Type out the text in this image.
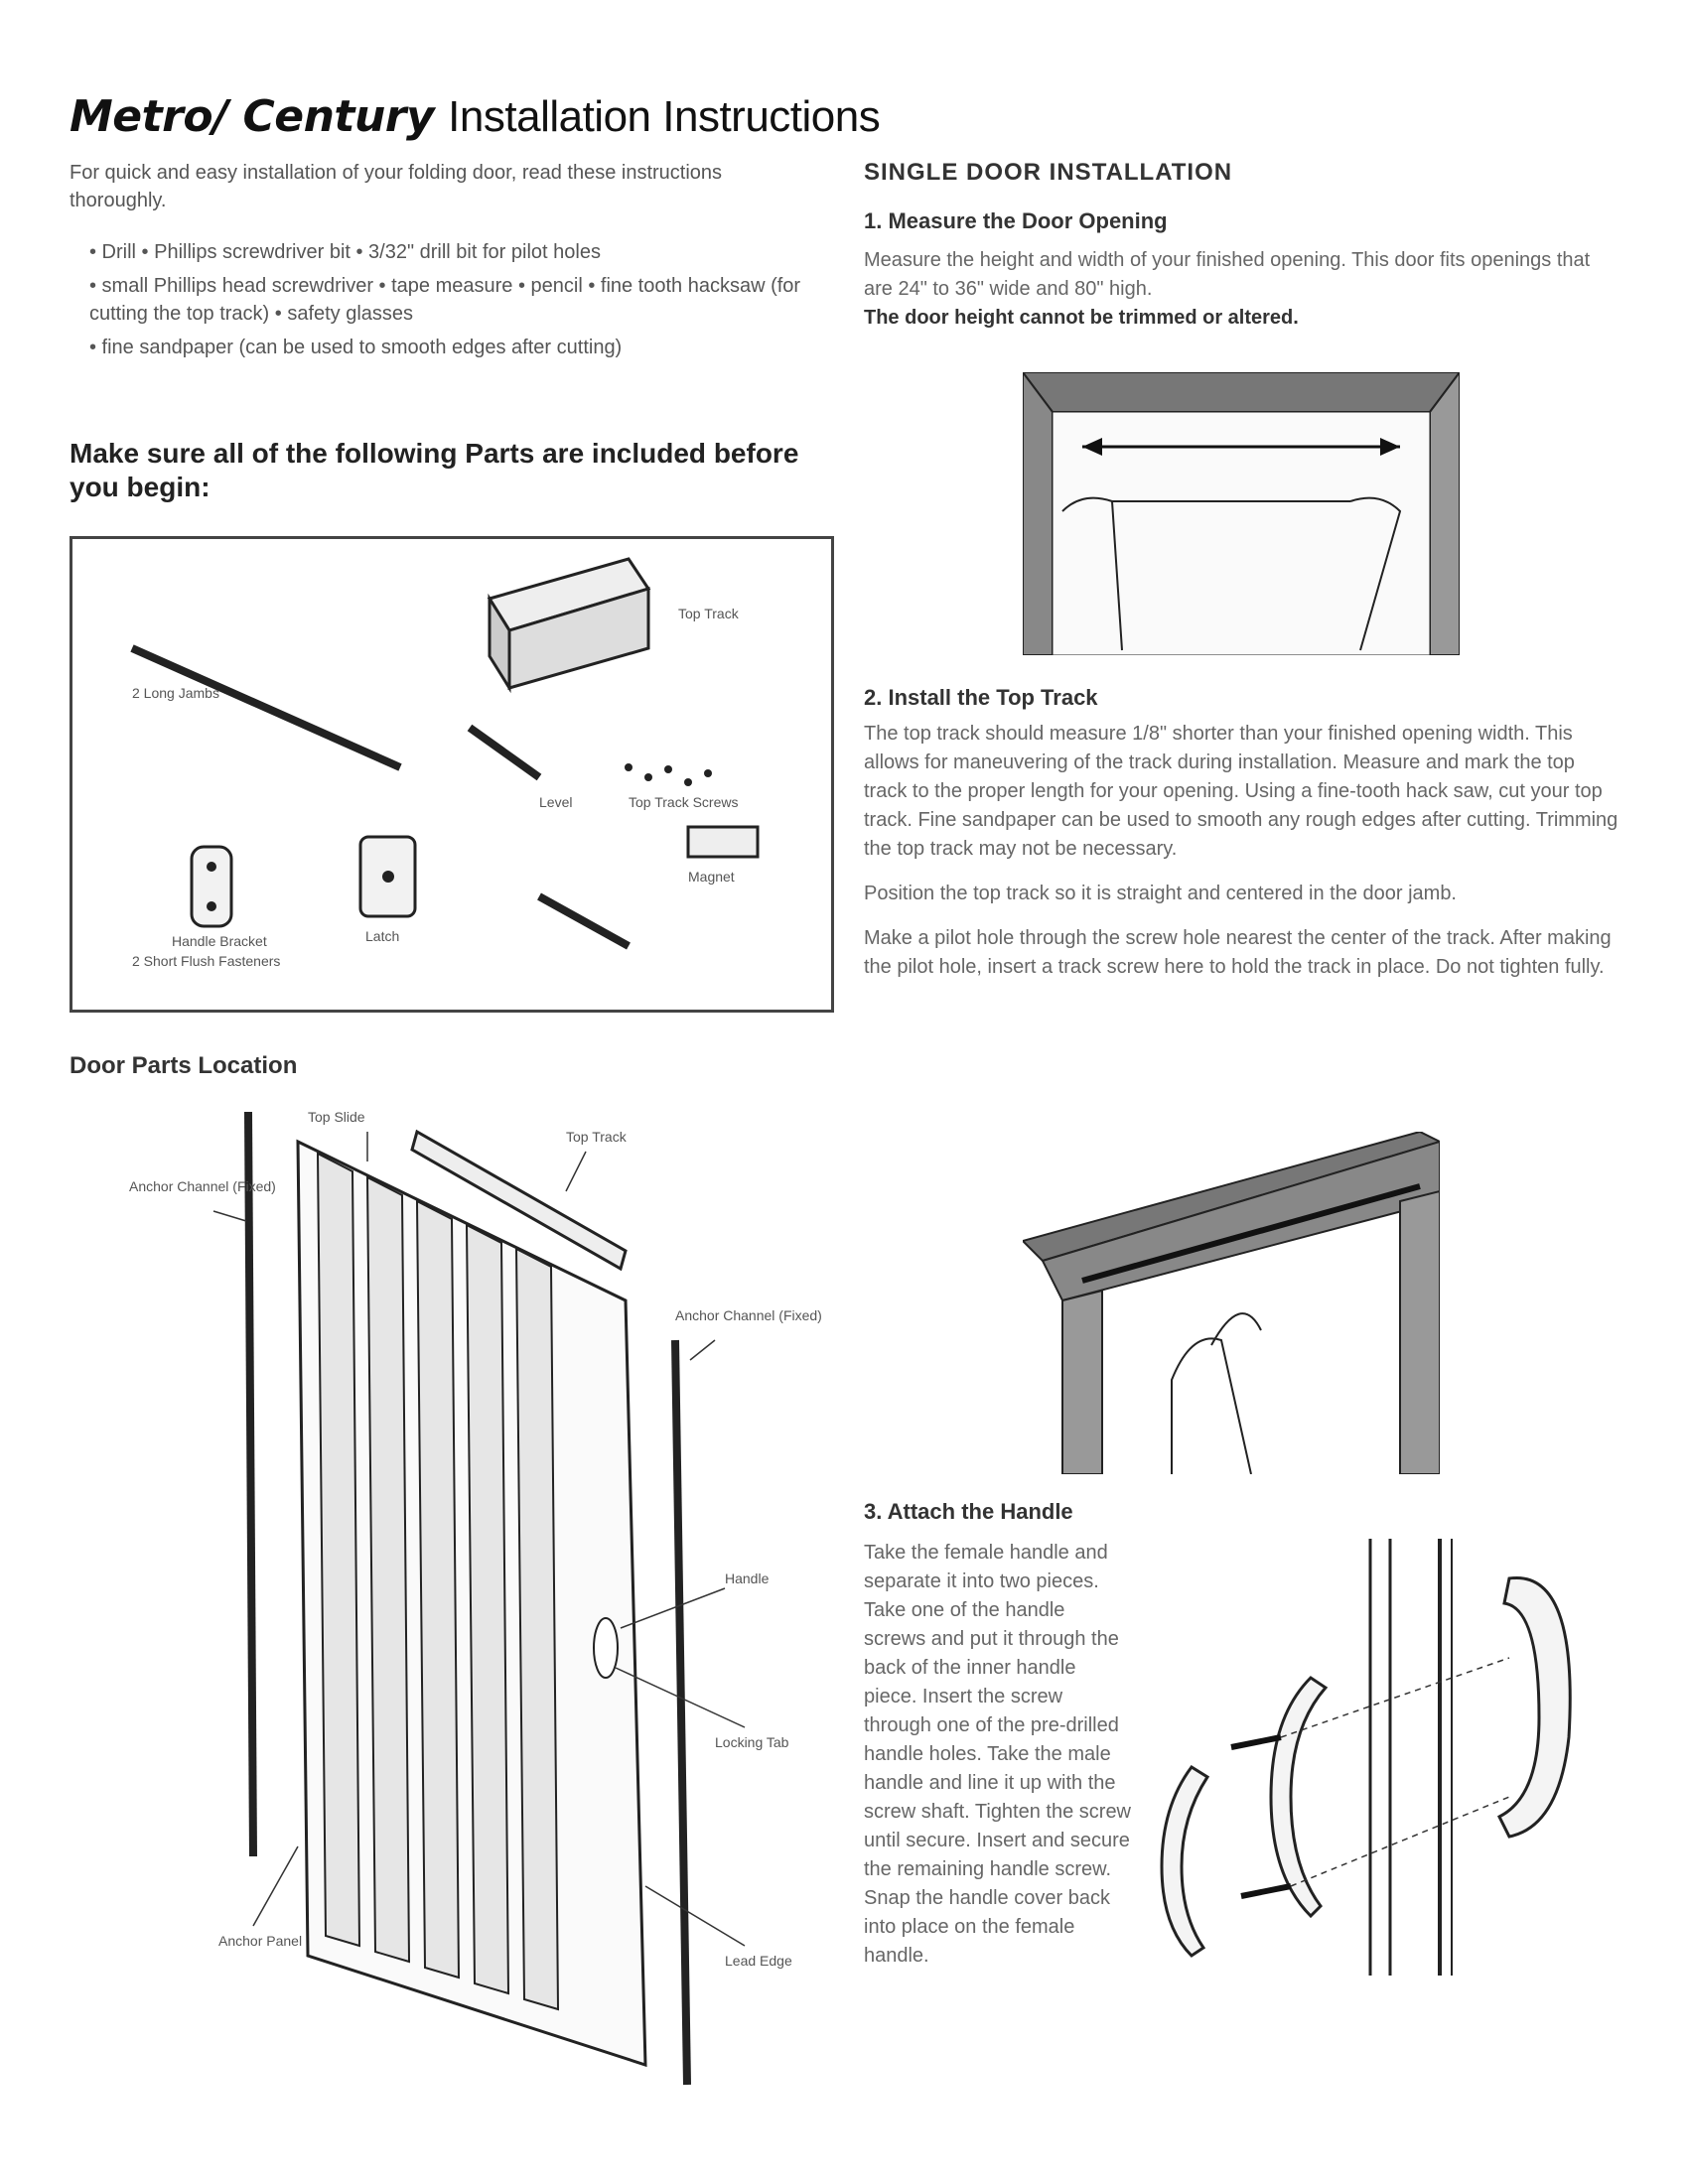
Metro/ Century Installation Instructions
For quick and easy installation of your folding door, read these instructions thoroughly.

• Drill • Phillips screwdriver bit • 3/32" drill bit for pilot holes

• small Phillips head screwdriver • tape measure • pencil • fine tooth hacksaw (for cutting the top track) • safety glasses

• fine sandpaper (can be used to smooth edges after cutting)

Make sure all of the following Parts are included before you begin:
Top Track
Level	Top Track Screws
Magnet
2 Short Flush Fasteners
2 Long Jambs
Handle Bracket	Latch
Door Parts Location
Anchor Channel (Fixed)
Top Slide
Top Track
Anchor Channel (Fixed)
Handle
Locking Tab
Lead Edge
Anchor Panel
SINGLE DOOR INSTALLATION
1. Measure the Door Opening

Measure the height and width of your finished opening. This door fits openings that are 24" to 36" wide and 80" high.

The door height cannot be trimmed or altered.

2. Install the Top Track

The top track should measure 1/8" shorter than your finished opening width. This allows for maneuvering of the track during installation. Measure and mark the top track to the proper length for your opening. Using a fine-tooth hack saw, cut your top track. Fine sandpaper can be used to smooth any rough edges after cutting. Trimming the top track may not be necessary.

Position the top track so it is straight and centered in the door jamb.

Make a pilot hole through the screw hole nearest the center of the track. After making the pilot hole, insert a track screw here to hold the track in place. Do not tighten fully.

3. Attach the Handle

Take the female handle and separate it into two pieces. Take one of the handle screws and put it through the back of the inner handle piece. Insert the screw through one of the pre-drilled handle holes. Take the male handle and line it up with the screw shaft. Tighten the screw until secure. Insert and secure the remaining handle screw. Snap the handle cover back into place on the female handle.
